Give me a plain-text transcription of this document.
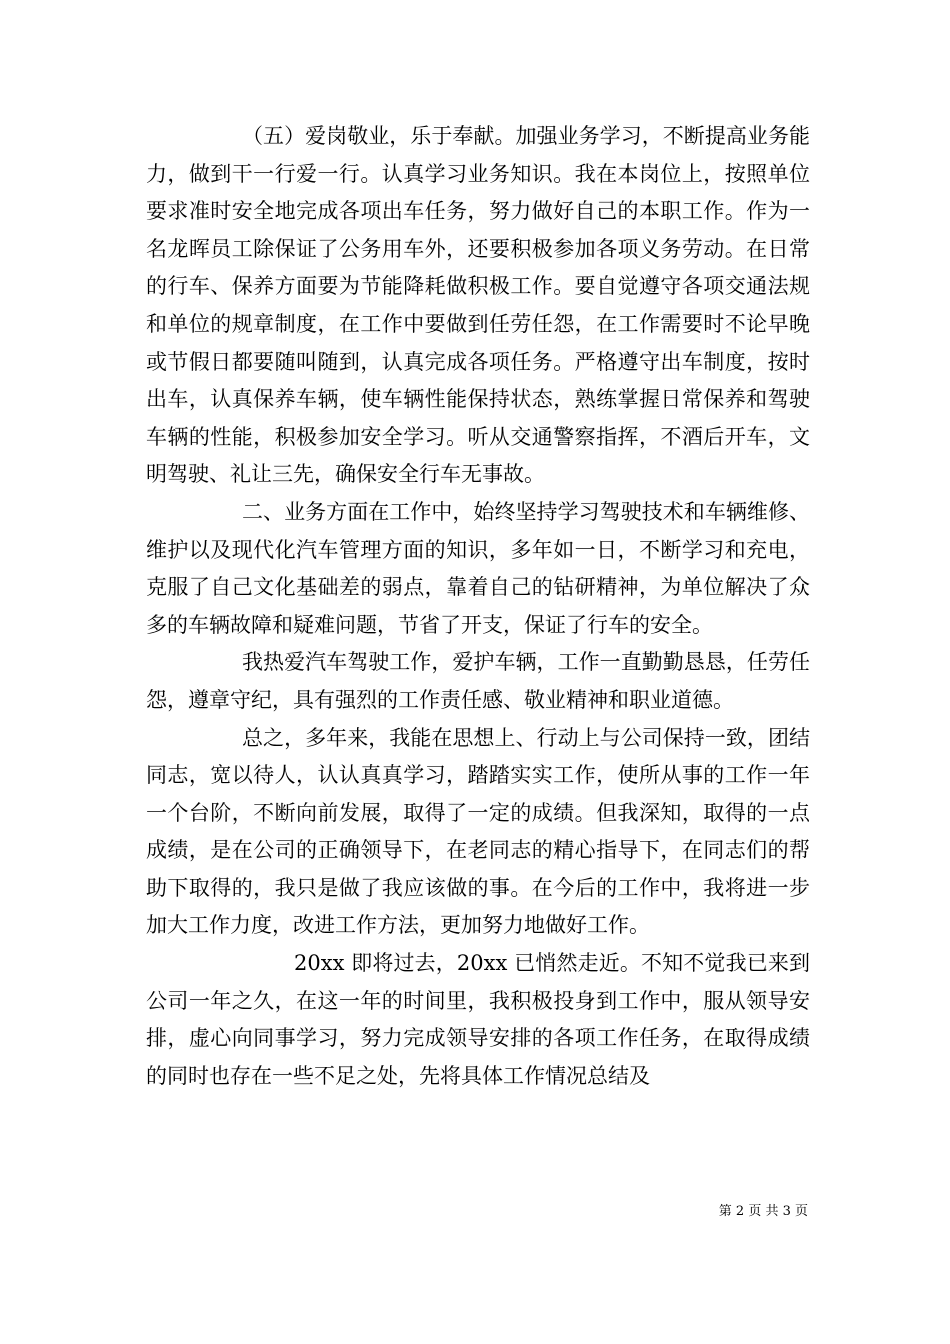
（五）爱岗敬业，乐于奉献。加强业务学习，不断提高业务能力，做到干一行爱一行。认真学习业务知识。我在本岗位上，按照单位要求准时安全地完成各项出车任务，努力做好自己的本职工作。作为一名龙晖员工除保证了公务用车外，还要积极参加各项义务劳动。在日常的行车、保养方面要为节能降耗做积极工作。要自觉遵守各项交通法规和单位的规章制度，在工作中要做到任劳任怨，在工作需要时不论早晚或节假日都要随叫随到，认真完成各项任务。严格遵守出车制度，按时出车，认真保养车辆，使车辆性能保持状态，熟练掌握日常保养和驾驶车辆的性能，积极参加安全学习。听从交通警察指挥，不酒后开车，文明驾驶、礼让三先，确保安全行车无事故。

二、业务方面在工作中，始终坚持学习驾驶技术和车辆维修、维护以及现代化汽车管理方面的知识，多年如一日，不断学习和充电，克服了自己文化基础差的弱点，靠着自己的钻研精神，为单位解决了众多的车辆故障和疑难问题，节省了开支，保证了行车的安全。

我热爱汽车驾驶工作，爱护车辆，工作一直勤勤恳恳，任劳任怨，遵章守纪，具有强烈的工作责任感、敬业精神和职业道德。

总之，多年来，我能在思想上、行动上与公司保持一致，团结同志，宽以待人，认认真真学习，踏踏实实工作，使所从事的工作一年一个台阶，不断向前发展，取得了一定的成绩。但我深知，取得的一点成绩，是在公司的正确领导下，在老同志的精心指导下，在同志们的帮助下取得的，我只是做了我应该做的事。在今后的工作中，我将进一步加大工作力度，改进工作方法，更加努力地做好工作。

20xx 即将过去，20xx 已悄然走近。不知不觉我已来到公司一年之久，在这一年的时间里，我积极投身到工作中，服从领导安排，虚心向同事学习，努力完成领导安排的各项工作任务，在取得成绩的同时也存在一些不足之处，先将具体工作情况总结及

第 2 页 共 3 页
